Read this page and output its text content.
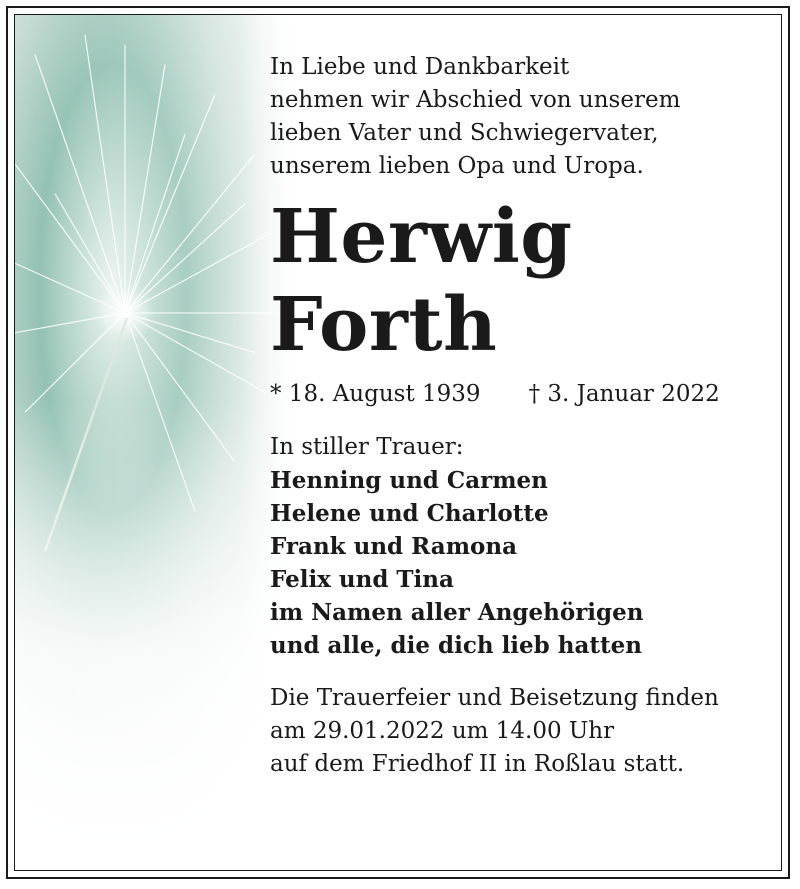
In Liebe und Dankbarkeit
nehmen wir Abschied von unserem
lieben Vater und Schwiegervater,
unserem lieben Opa und Uropa.

Herwig
Forth
* 18. August 1939 † 3. Januar 2022
In stiller Trauer:
Henning und Carmen
Helene und Charlotte
Frank und Ramona
Felix und Tina
im Namen aller Angehörigen
und alle, die dich lieb hatten
Die Trauerfeier und Beisetzung finden
am 29.01.2022 um 14.00 Uhr
auf dem Friedhof II in Roßlau statt.
